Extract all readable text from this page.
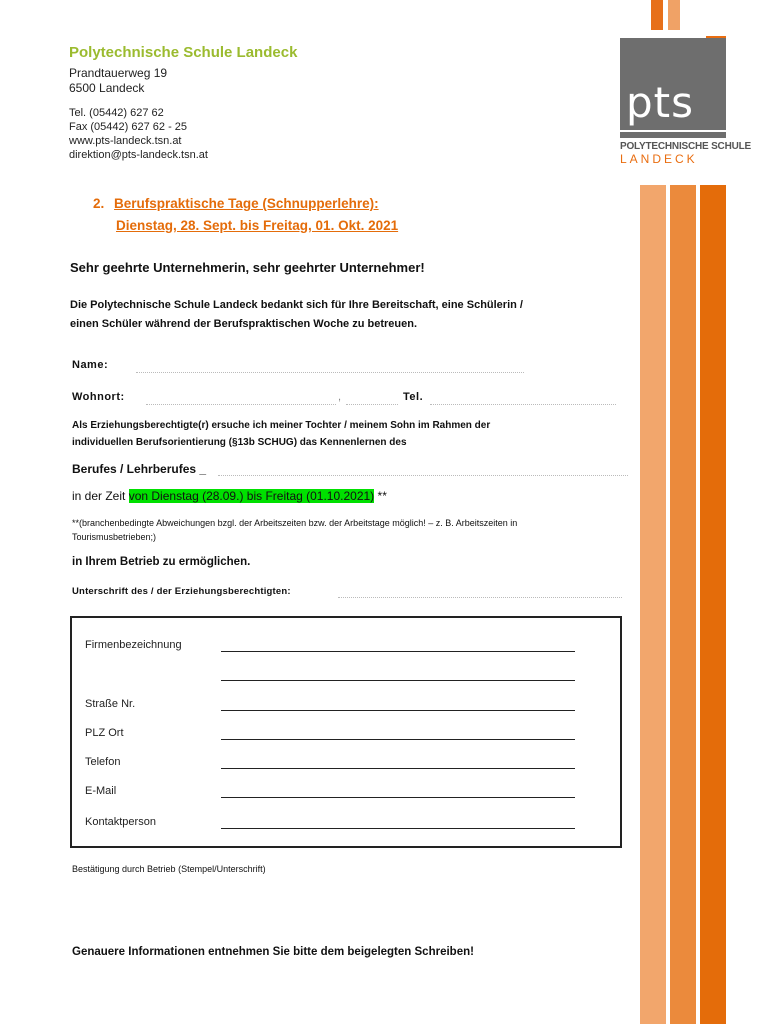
pts
POLYTECHNISCHE SCHULE
LANDECK
Polytechnische Schule Landeck
Prandtauerweg 19
6500 Landeck
Tel. (05442) 627 62
Fax (05442) 627 62 - 25
www.pts-landeck.tsn.at
direktion@pts-landeck.tsn.at
2. Berufspraktische Tage (Schnupperlehre):
Dienstag, 28. Sept. bis Freitag, 01. Okt. 2021
Sehr geehrte Unternehmerin, sehr geehrter Unternehmer!
Die Polytechnische Schule Landeck bedankt sich für Ihre Bereitschaft, eine Schülerin /
einen Schüler während der Berufspraktischen Woche zu betreuen.
Name:
Wohnort:	,	Tel.
Als Erziehungsberechtigte(r) ersuche ich meiner Tochter / meinem Sohn im Rahmen der
individuellen Berufsorientierung (§13b SCHUG) das Kennenlernen des
Berufes / Lehrberufes _
in der Zeit von Dienstag (28.09.) bis Freitag (01.10.2021) **
**(branchenbedingte Abweichungen bzgl. der Arbeitszeiten bzw. der Arbeitstage möglich! – z. B. Arbeitszeiten in
Tourismusbetrieben;)
in Ihrem Betrieb zu ermöglichen.
Unterschrift des / der Erziehungsberechtigten:
Firmenbezeichnung
Straße Nr.
PLZ Ort
Telefon
E-Mail
Kontaktperson
Bestätigung durch Betrieb (Stempel/Unterschrift)
Genauere Informationen entnehmen Sie bitte dem beigelegten Schreiben!
